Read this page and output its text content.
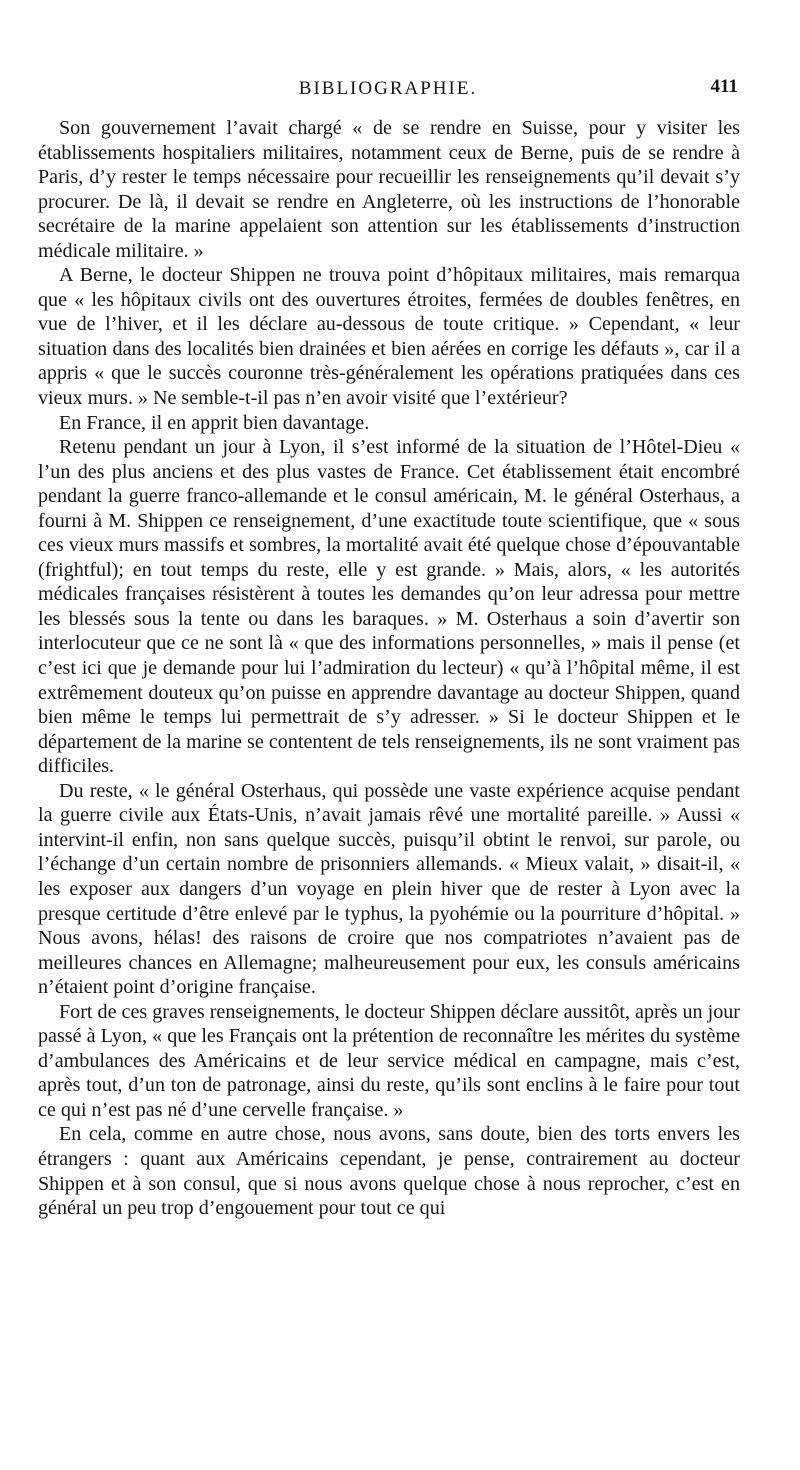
BIBLIOGRAPHIE.	411

Son gouvernement l’avait chargé « de se rendre en Suisse, pour y visiter les établissements hospitaliers militaires, notamment ceux de Berne, puis de se rendre à Paris, d’y rester le temps nécessaire pour recueillir les renseignements qu’il devait s’y procurer. De là, il devait se rendre en Angleterre, où les instructions de l’honorable secrétaire de la marine appelaient son attention sur les établissements d’instruction médicale militaire. »

A Berne, le docteur Shippen ne trouva point d’hôpitaux militaires, mais remarqua que « les hôpitaux civils ont des ouvertures étroites, fermées de doubles fenêtres, en vue de l’hiver, et il les déclare au-dessous de toute critique. » Cependant, « leur situation dans des localités bien drainées et bien aérées en corrige les défauts », car il a appris « que le succès couronne très-généralement les opérations pratiquées dans ces vieux murs. » Ne semble-t-il pas n’en avoir visité que l’extérieur?

En France, il en apprit bien davantage.

Retenu pendant un jour à Lyon, il s’est informé de la situation de l’Hôtel-Dieu « l’un des plus anciens et des plus vastes de France. Cet établissement était encombré pendant la guerre franco-allemande et le consul américain, M. le général Osterhaus, a fourni à M. Shippen ce renseignement, d’une exactitude toute scientifique, que « sous ces vieux murs massifs et sombres, la mortalité avait été quelque chose d’épouvantable (frightful); en tout temps du reste, elle y est grande. » Mais, alors, « les autorités médicales françaises résistèrent à toutes les demandes qu’on leur adressa pour mettre les blessés sous la tente ou dans les baraques. » M. Osterhaus a soin d’avertir son interlocuteur que ce ne sont là « que des informations personnelles, » mais il pense (et c’est ici que je demande pour lui l’admiration du lecteur) « qu’à l’hôpital même, il est extrêmement douteux qu’on puisse en apprendre davantage au docteur Shippen, quand bien même le temps lui permettrait de s’y adresser. » Si le docteur Shippen et le département de la marine se contentent de tels renseignements, ils ne sont vraiment pas difficiles.

Du reste, « le général Osterhaus, qui possède une vaste expérience acquise pendant la guerre civile aux États-Unis, n’avait jamais rêvé une mortalité pareille. » Aussi « intervint-il enfin, non sans quelque succès, puisqu’il obtint le renvoi, sur parole, ou l’échange d’un certain nombre de prisonniers allemands. « Mieux valait, » disait-il, « les exposer aux dangers d’un voyage en plein hiver que de rester à Lyon avec la presque certitude d’être enlevé par le typhus, la pyohémie ou la pourriture d’hôpital. » Nous avons, hélas! des raisons de croire que nos compatriotes n’avaient pas de meilleures chances en Allemagne; malheureusement pour eux, les consuls américains n’étaient point d’origine française.

Fort de ces graves renseignements, le docteur Shippen déclare aussitôt, après un jour passé à Lyon, « que les Français ont la prétention de reconnaître les mérites du système d’ambulances des Américains et de leur service médical en campagne, mais c’est, après tout, d’un ton de patronage, ainsi du reste, qu’ils sont enclins à le faire pour tout ce qui n’est pas né d’une cervelle française. »

En cela, comme en autre chose, nous avons, sans doute, bien des torts envers les étrangers : quant aux Américains cependant, je pense, contrairement au docteur Shippen et à son consul, que si nous avons quelque chose à nous reprocher, c’est en général un peu trop d’engouement pour tout ce qui
